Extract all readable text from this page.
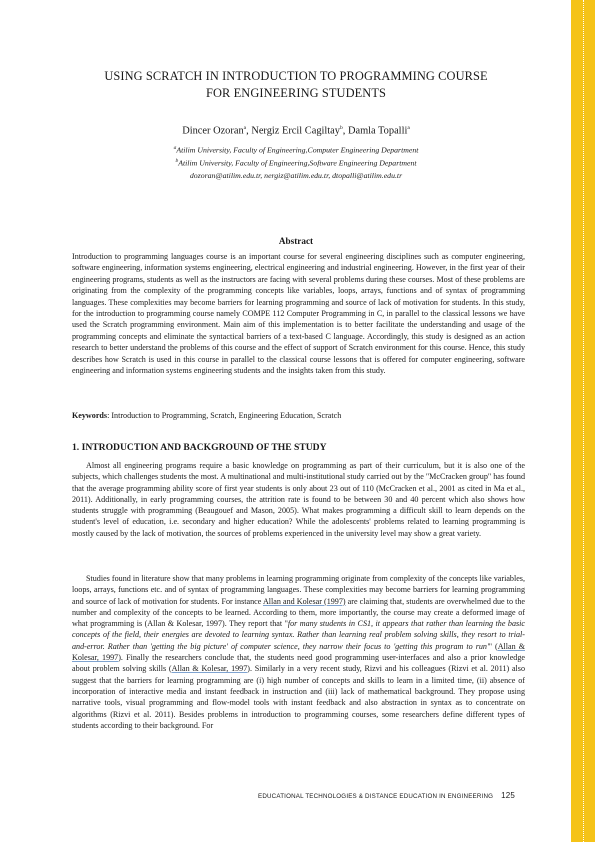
USING SCRATCH IN INTRODUCTION TO PROGRAMMING COURSE
FOR ENGINEERING STUDENTS
Dincer Ozoran$^a$, Nergiz Ercil Cagiltay$^b$, Damla Topalli$^a$
$^a$Atilim University, Faculty of Engineering,Computer Engineering Department
$^b$Atilim University, Faculty of Engineering,Software Engineering Department
dozoran@atilim.edu.tr, nergiz@atilim.edu.tr, dtopalli@atilim.edu.tr
Abstract

Introduction to programming languages course is an important course for several engineering disciplines such as computer engineering, software engineering, information systems engineering, electrical engineering and industrial engineering. However, in the first year of their engineering programs, students as well as the instructors are facing with several problems during these courses. Most of these problems are originating from the complexity of the programming concepts like variables, loops, arrays, functions and of syntax of programming languages. These complexities may become barriers for learning programming and source of lack of motivation for students. In this study, for the introduction to programming course namely COMPE 112 Computer Programming in C, in parallel to the classical lessons we have used the Scratch programming environment. Main aim of this implementation is to better facilitate the understanding and usage of the programming concepts and eliminate the syntactical barriers of a text-based C language. Accordingly, this study is designed as an action research to better understand the problems of this course and the effect of support of Scratch environment for this course. Hence, this study describes how Scratch is used in this course in parallel to the classical course lessons that is offered for computer engineering, software engineering and information systems engineering students and the insights taken from this study.

Keywords: Introduction to Programming, Scratch, Engineering Education, Scratch

1. INTRODUCTION AND BACKGROUND OF THE STUDY

Almost all engineering programs require a basic knowledge on programming as part of their curriculum, but it is also one of the subjects, which challenges students the most. A multinational and multi-institutional study carried out by the "McCracken group" has found that the average programming ability score of first year students is only about 23 out of 110 (McCracken et al., 2001 as cited in Ma et al., 2011). Additionally, in early programming courses, the attrition rate is found to be between 30 and 40 percent which also shows how students struggle with programming (Beaugouef and Mason, 2005). What makes programming a difficult skill to learn depends on the student's level of education, i.e. secondary and higher education? While the adolescents' problems related to learning programming is mostly caused by the lack of motivation, the sources of problems experienced in the university level may show a great variety.

Studies found in literature show that many problems in learning programming originate from complexity of the concepts like variables, loops, arrays, functions etc. and of syntax of programming languages. These complexities may become barriers for learning programming and source of lack of motivation for students. For instance Allan and Kolesar (1997) are claiming that, students are overwhelmed due to the number and complexity of the concepts to be learned. According to them, more importantly, the course may create a deformed image of what programming is (Allan & Kolesar, 1997). They report that "for many students in CS1, it appears that rather than learning the basic concepts of the field, their energies are devoted to learning syntax. Rather than learning real problem solving skills, they resort to trial-and-error. Rather than 'getting the big picture' of computer science, they narrow their focus to 'getting this program to run'" (Allan & Kolesar, 1997). Finally the researchers conclude that, the students need good programming user-interfaces and also a prior knowledge about problem solving skills (Allan & Kolesar, 1997). Similarly in a very recent study, Rizvi and his colleagues (Rizvi et al. 2011) also suggest that the barriers for learning programming are (i) high number of concepts and skills to learn in a limited time, (ii) absence of incorporation of interactive media and instant feedback in instruction and (iii) lack of mathematical background. They propose using narrative tools, visual programming and flow-model tools with instant feedback and also abstraction in syntax as to concentrate on algorithms (Rizvi et al. 2011). Besides problems in introduction to programming courses, some researchers define different types of students according to their background. For

EDUCATIONAL TECHNOLOGIES & DISTANCE EDUCATION IN ENGINEERING 125
